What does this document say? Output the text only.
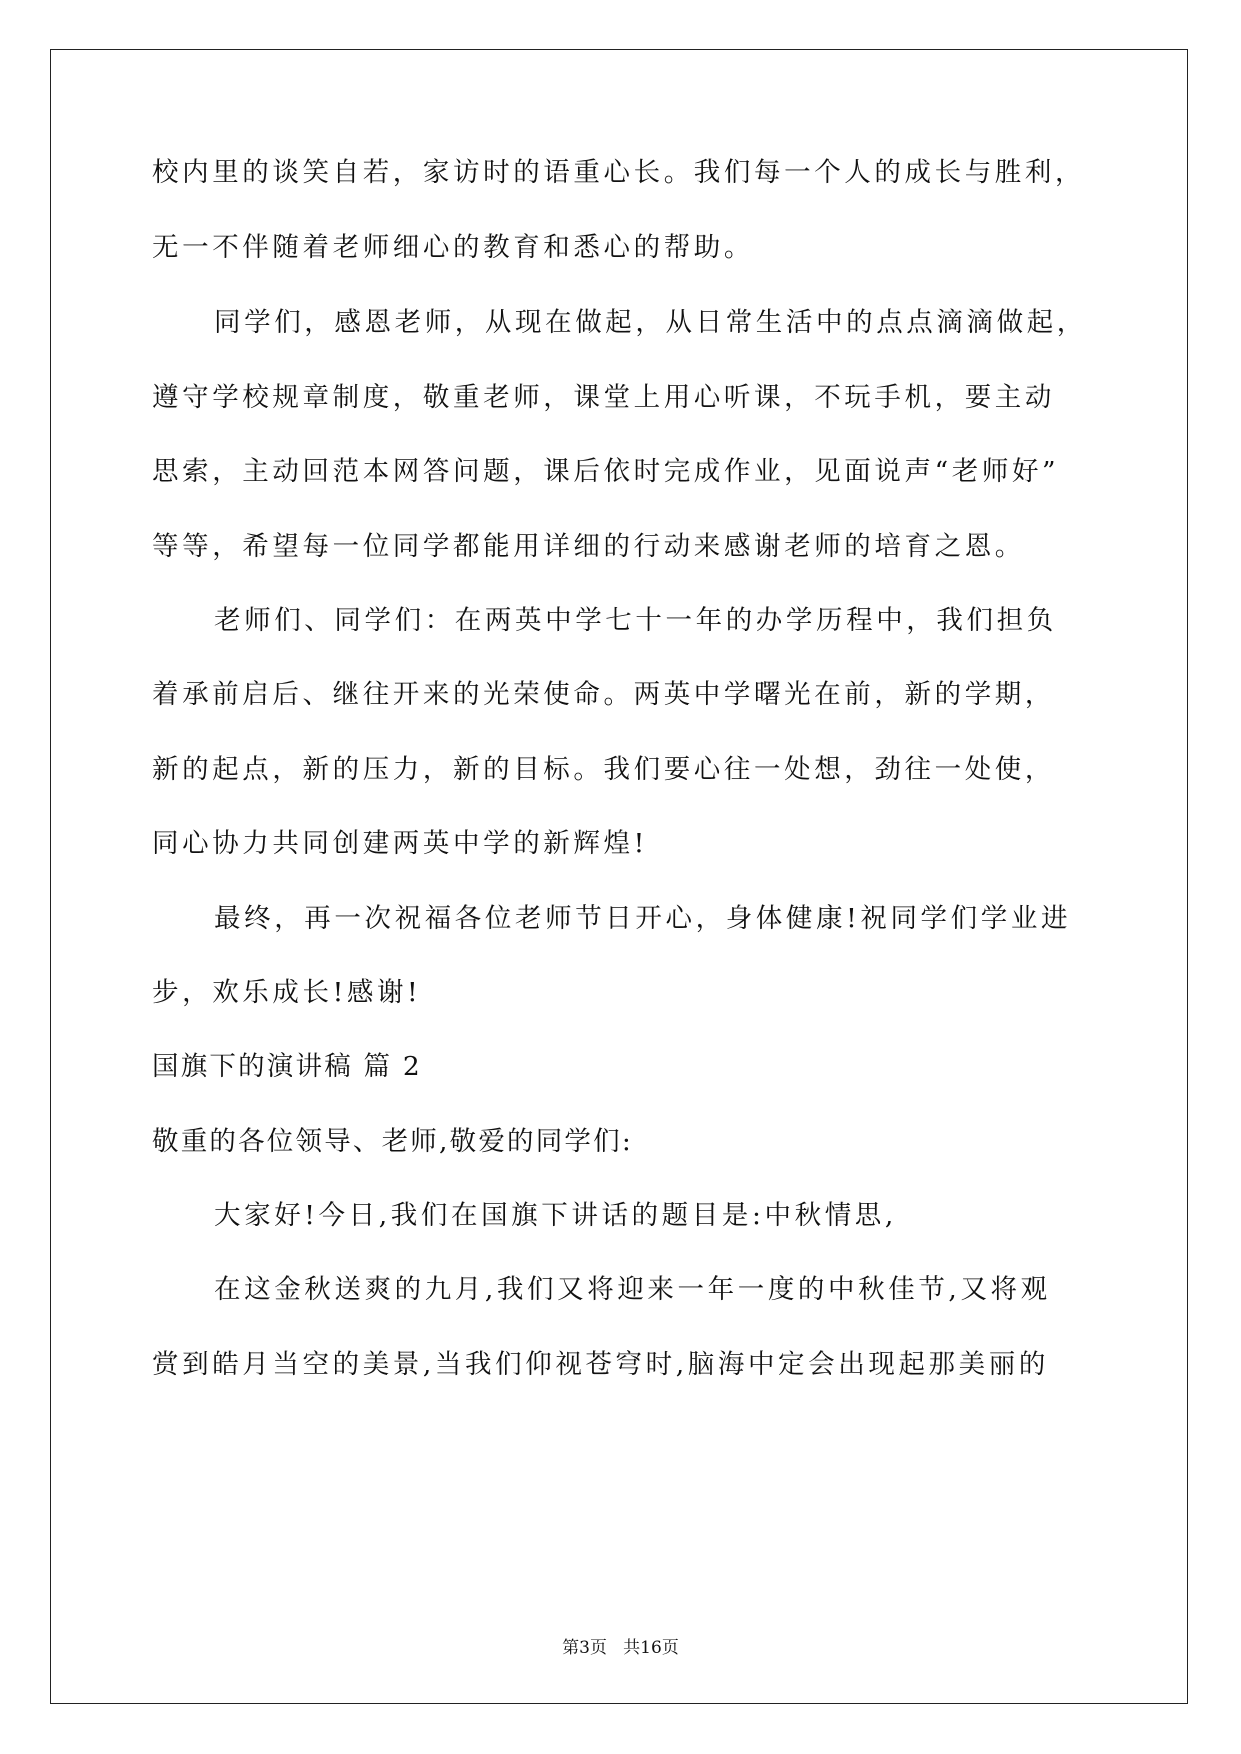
校内里的谈笑自若，家访时的语重心长。我们每一个人的成长与胜利，
无一不伴随着老师细心的教育和悉心的帮助。
同学们，感恩老师，从现在做起，从日常生活中的点点滴滴做起，
遵守学校规章制度，敬重老师，课堂上用心听课，不玩手机，要主动
思索，主动回范本网答问题，课后依时完成作业，见面说声“老师好”
等等，希望每一位同学都能用详细的行动来感谢老师的培育之恩。
老师们、同学们：在两英中学七十一年的办学历程中，我们担负
着承前启后、继往开来的光荣使命。两英中学曙光在前，新的学期，
新的起点，新的压力，新的目标。我们要心往一处想，劲往一处使，
同心协力共同创建两英中学的新辉煌!
最终，再一次祝福各位老师节日开心，身体健康!祝同学们学业进
步，欢乐成长!感谢!
国旗下的演讲稿 篇 2
敬重的各位领导、老师,敬爱的同学们:
大家好!今日,我们在国旗下讲话的题目是:中秋情思,
在这金秋送爽的九月,我们又将迎来一年一度的中秋佳节,又将观
赏到皓月当空的美景,当我们仰视苍穹时,脑海中定会出现起那美丽的
第3页   共16页
